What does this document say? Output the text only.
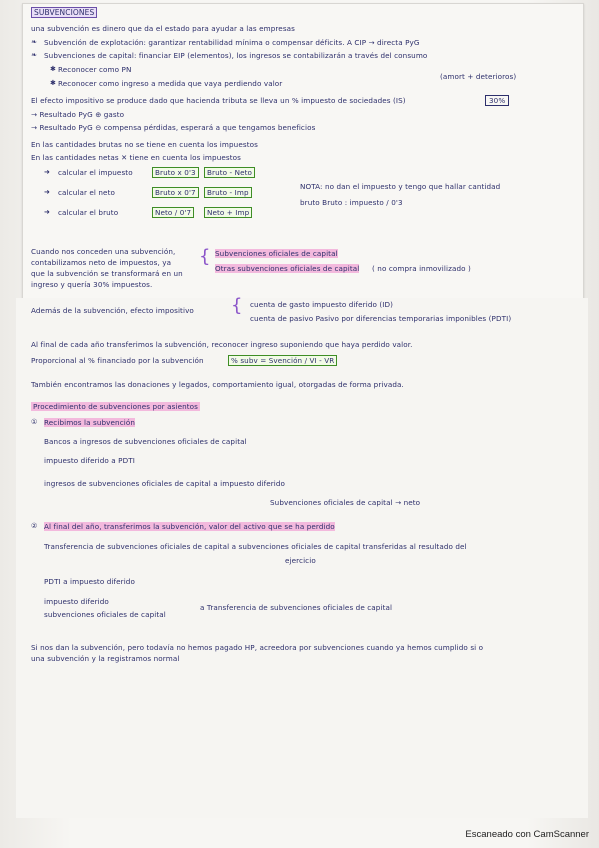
SUBVENCIONES
una subvención es dinero que da el estado para ayudar a las empresas
❧ Subvención de explotación: garantizar rentabilidad mínima o compensar déficits. A CIP → directa PyG
❧ Subvenciones de capital: financiar EIP (elementos), los ingresos se contabilizarán a través del consumo
✱ Reconocer como PN
(amort + deterioros)
✱ Reconocer como ingreso a medida que vaya perdiendo valor
El efecto impositivo se produce dado que hacienda tributa se lleva un % impuesto de sociedades (IS)	30%
→ Resultado PyG ⊕ gasto
→ Resultado PyG ⊖ compensa pérdidas, esperará a que tengamos beneficios
En las cantidades brutas no se tiene en cuenta los impuestos
En las cantidades netas ✕ tiene en cuenta los impuestos
➜ calcular el impuesto	Bruto x 0'3	Bruto - Neto
➜ calcular el neto	Bruto x 0'7	Bruto - Imp
➜ calcular el bruto	Neto / 0'7	Neto + Imp
NOTA: no dan el impuesto y tengo que hallar cantidad
bruto Bruto : impuesto / 0'3
Cuando nos conceden una subvención,
contabilizamos neto de impuestos, ya
que la subvención se transformará en un
ingreso y quería 30% impuestos.
{ Subvenciones oficiales de capital
Otras subvenciones oficiales de capital ( no compra inmovilizado )
Además de la subvención, efecto impositivo { cuenta de gasto impuesto diferido (ID)
cuenta de pasivo Pasivo por diferencias temporarias imponibles (PDTI)
Al final de cada año transferimos la subvención, reconocer ingreso suponiendo que haya perdido valor.
Proporcional al % financiado por la subvención	% subv = Svención / VI - VR
También encontramos las donaciones y legados, comportamiento igual, otorgadas de forma privada.
Procedimiento de subvenciones por asientos
① Recibimos la subvención
Bancos a ingresos de subvenciones oficiales de capital
impuesto diferido a PDTI
ingresos de subvenciones oficiales de capital a impuesto diferido
Subvenciones oficiales de capital → neto
② Al final del año, transferimos la subvención, valor del activo que se ha perdido
Transferencia de subvenciones oficiales de capital a subvenciones oficiales de capital transferidas al resultado del
ejercicio
PDTI a impuesto diferido
impuesto diferido
subvenciones oficiales de capital
a Transferencia de subvenciones oficiales de capital
Si nos dan la subvención, pero todavía no hemos pagado HP, acreedora por subvenciones cuando ya hemos cumplido si o
una subvención y la registramos normal
Escaneado con CamScanner
